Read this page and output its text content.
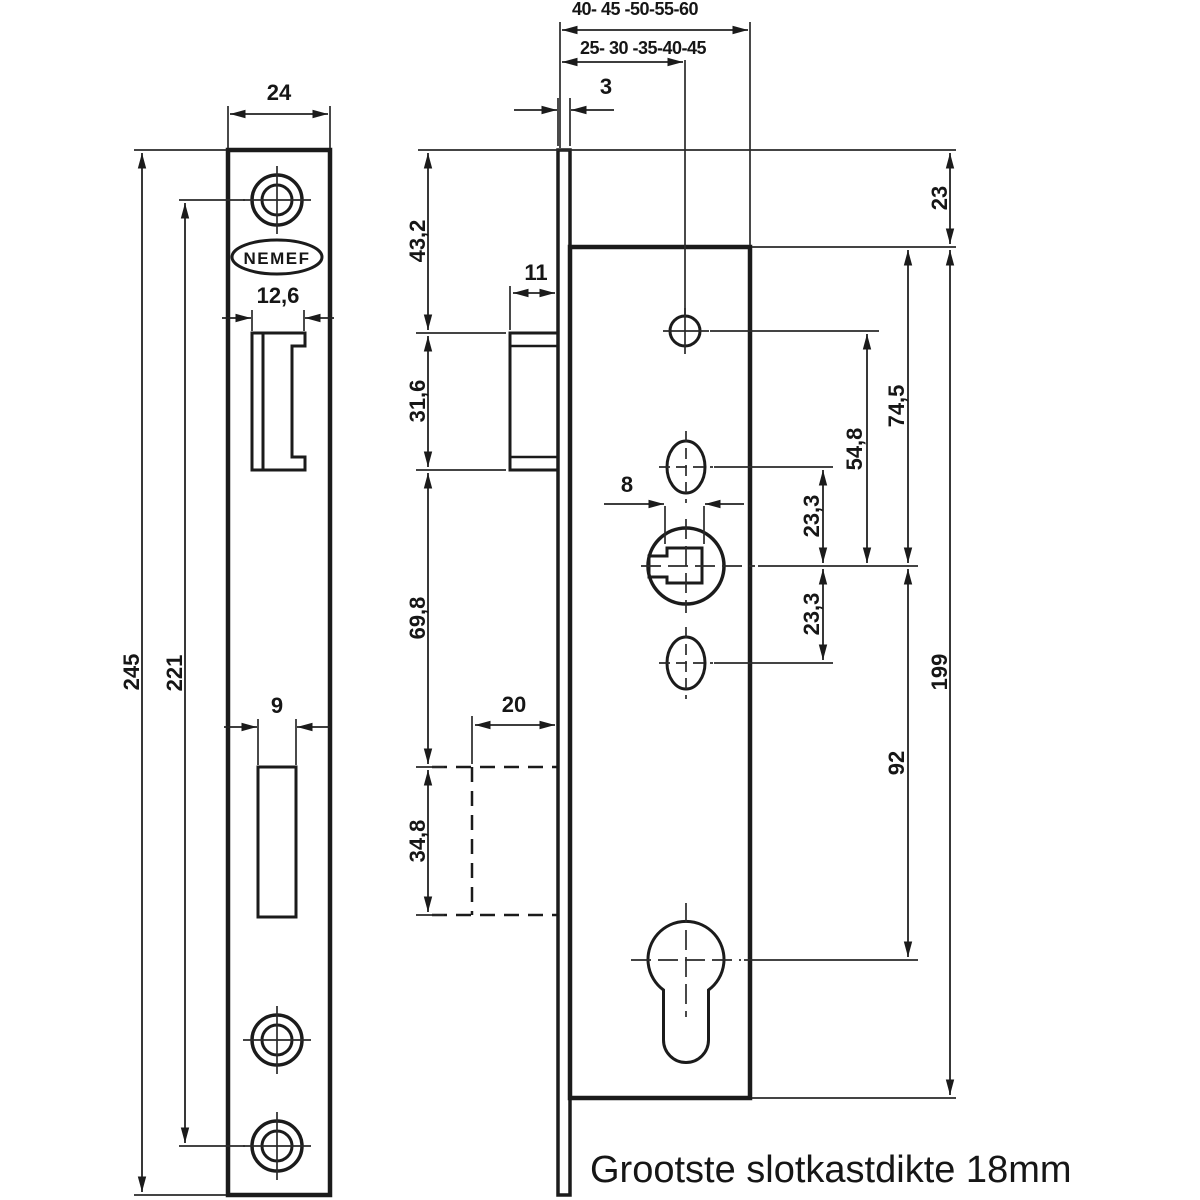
NEMEF
24
12,6
245 221
9
40- 45 -50-55-60
25- 30 -35-40-45
3
43,2
11
31,6
69,8
20
34,8
8
23
54,8
74,5
23,3
23,3
199
92
Grootste slotkastdikte 18mm
